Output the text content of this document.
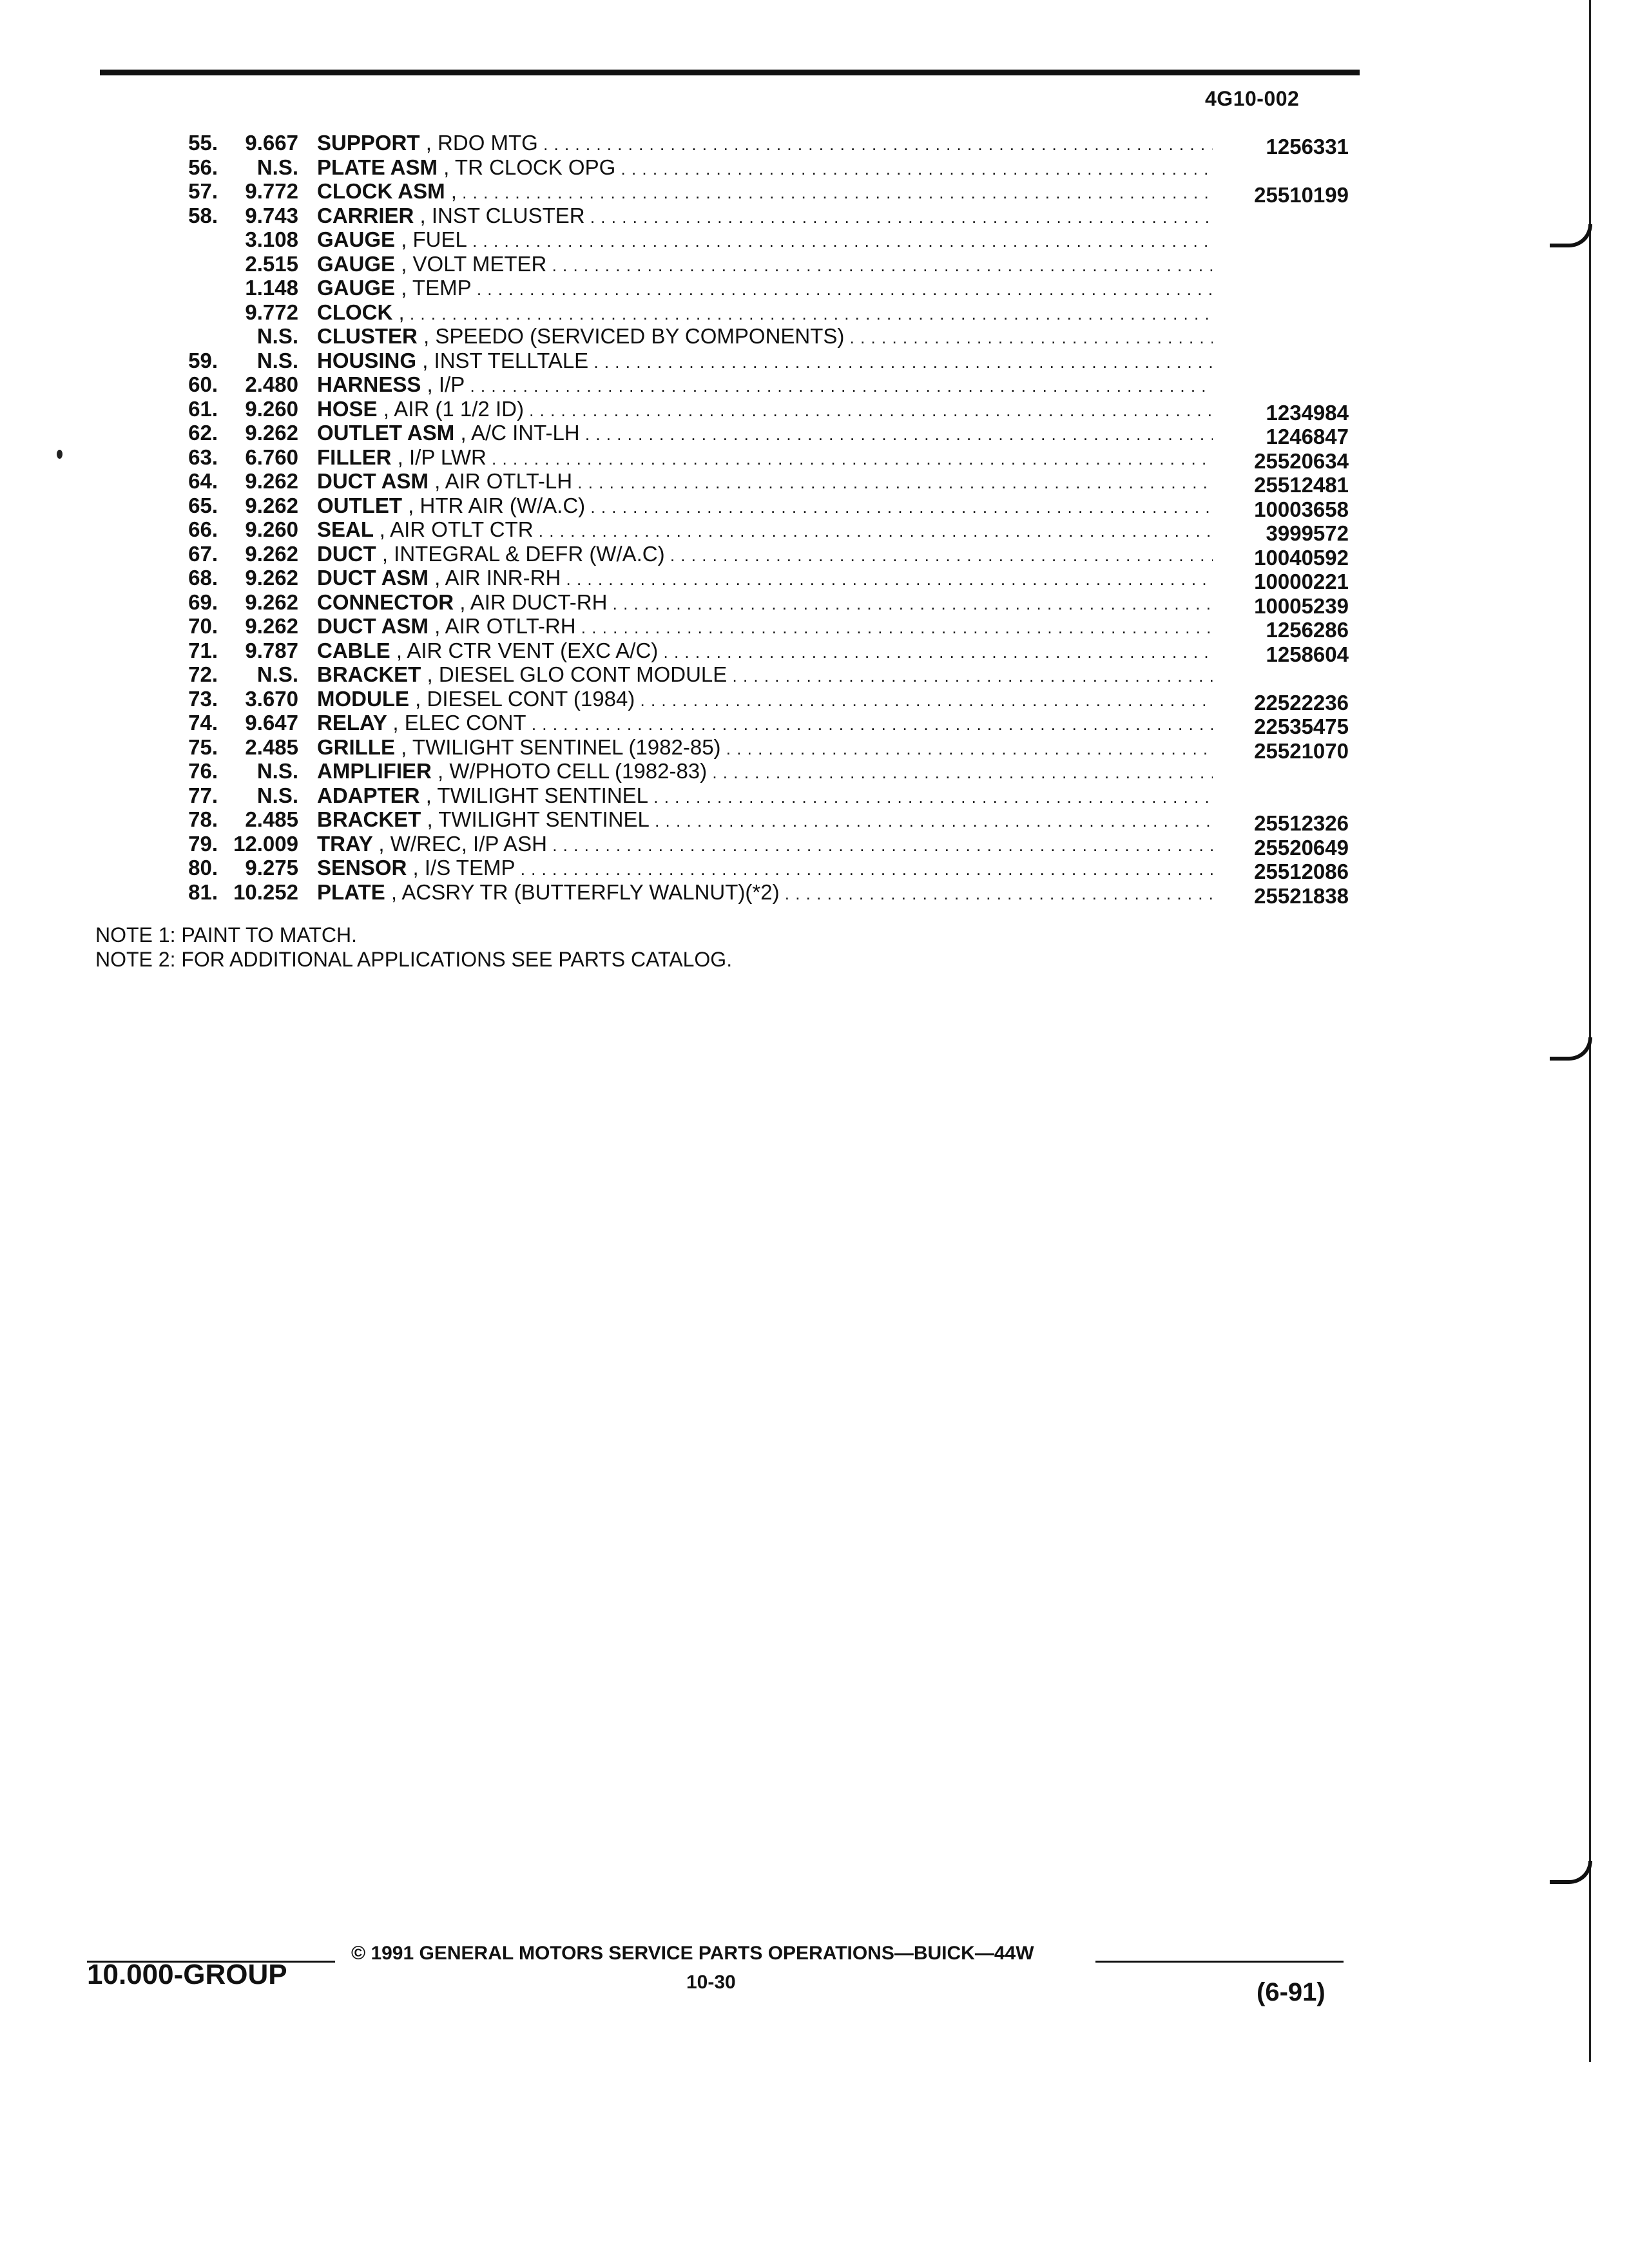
4G10-002
55. 9.667 SUPPORT , RDO MTG . . .	1256331
56. N.S. PLATE ASM , TR CLOCK OPG . . .
57. 9.772 CLOCK ASM , . . .	25510199
58. 9.743 CARRIER , INST CLUSTER . . .
3.108 GAUGE , FUEL . . .
2.515 GAUGE , VOLT METER . . .
1.148 GAUGE , TEMP . . .
9.772 CLOCK , . . .
N.S. CLUSTER , SPEEDO (SERVICED BY COMPONENTS) . . .
59. N.S. HOUSING , INST TELLTALE . . .
60. 2.480 HARNESS , I/P . . .
61. 9.260 HOSE , AIR (1 1/2 ID) . . .	1234984
62. 9.262 OUTLET ASM , A/C INT-LH . . .	1246847
63. 6.760 FILLER , I/P LWR . . .	25520634
64. 9.262 DUCT ASM , AIR OTLT-LH . . .	25512481
65. 9.262 OUTLET , HTR AIR (W/A.C) . . .	10003658
66. 9.260 SEAL , AIR OTLT CTR . . .	3999572
67. 9.262 DUCT , INTEGRAL & DEFR (W/A.C) . . .	10040592
68. 9.262 DUCT ASM , AIR INR-RH . . .	10000221
69. 9.262 CONNECTOR , AIR DUCT-RH . . .	10005239
70. 9.262 DUCT ASM , AIR OTLT-RH . . .	1256286
71. 9.787 CABLE , AIR CTR VENT (EXC A/C) . . .	1258604
72. N.S. BRACKET , DIESEL GLO CONT MODULE . . .
73. 3.670 MODULE , DIESEL CONT (1984) . . .	22522236
74. 9.647 RELAY , ELEC CONT . . .	22535475
75. 2.485 GRILLE , TWILIGHT SENTINEL (1982-85) . . .	25521070
76. N.S. AMPLIFIER , W/PHOTO CELL (1982-83) . . .
77. N.S. ADAPTER , TWILIGHT SENTINEL . . .
78. 2.485 BRACKET , TWILIGHT SENTINEL . . .	25512326
79. 12.009 TRAY , W/REC, I/P ASH . . .	25520649
80. 9.275 SENSOR , I/S TEMP . . .	25512086
81. 10.252 PLATE , ACSRY TR (BUTTERFLY WALNUT)(*2) . . .	25521838
NOTE 1: PAINT TO MATCH.
NOTE 2: FOR ADDITIONAL APPLICATIONS SEE PARTS CATALOG.
10.000-GROUP
© 1991 GENERAL MOTORS SERVICE PARTS OPERATIONS—BUICK—44W
10-30	(6-91)
